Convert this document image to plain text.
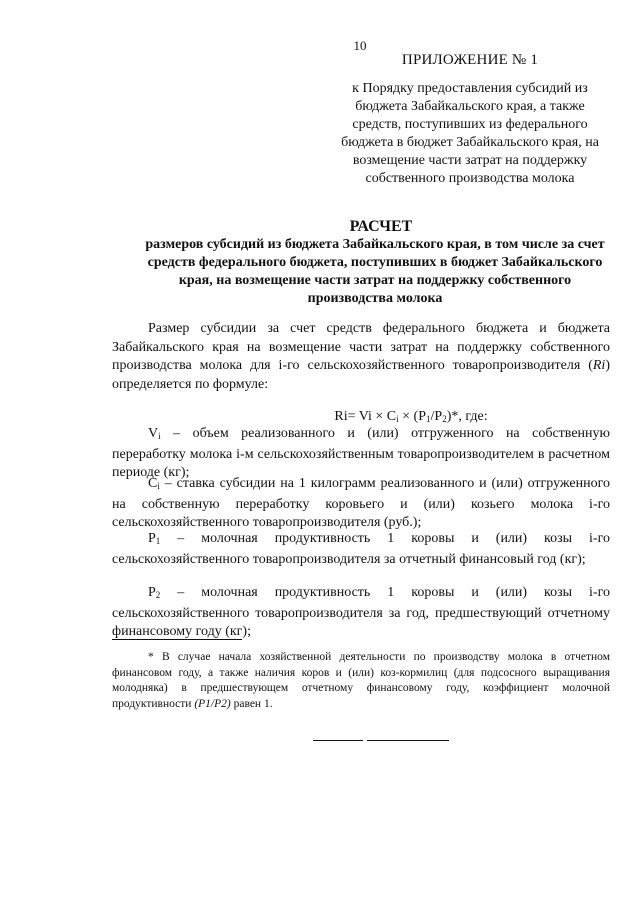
10
ПРИЛОЖЕНИЕ № 1
к Порядку предоставления субсидий из бюджета Забайкальского края, а также средств, поступивших из федерального бюджета в бюджет Забайкальского края, на возмещение части затрат на поддержку собственного производства молока
РАСЧЕТ
размеров субсидий из бюджета Забайкальского края, в том числе за счет средств федерального бюджета, поступивших в бюджет Забайкальского края, на возмещение части затрат на поддержку собственного производства молока
Размер субсидии за счет средств федерального бюджета и бюджета Забайкальского края на возмещение части затрат на поддержку собственного производства молока для i-го сельскохозяйственного товаропроизводителя (Ri) определяется по формуле:
$Ri= Vi \times C_i \times (P_1/P_2)*$, где:
$V_i$ – объем реализованного и (или) отгруженного на собственную переработку молока i-м сельскохозяйственным товаропроизводителем в расчетном периоде (кг);
$C_i$ – ставка субсидии на 1 килограмм реализованного и (или) отгруженного на собственную переработку коровьего и (или) козьего молока i-го сельскохозяйственного товаропроизводителя (руб.);
$P_1$ – молочная продуктивность 1 коровы и (или) козы i-го сельскохозяйственного товаропроизводителя за отчетный финансовый год (кг);
$P_2$ – молочная продуктивность 1 коровы и (или) козы i-го сельскохозяйственного товаропроизводителя за год, предшествующий отчетному финансовому году (кг);
* В случае начала хозяйственной деятельности по производству молока в отчетном финансовом году, а также наличия коров и (или) коз-кормилиц (для подсосного выращивания молодняка) в предшествующем отчетному финансовому году, коэффициент молочной продуктивности (P1/P2) равен 1.
